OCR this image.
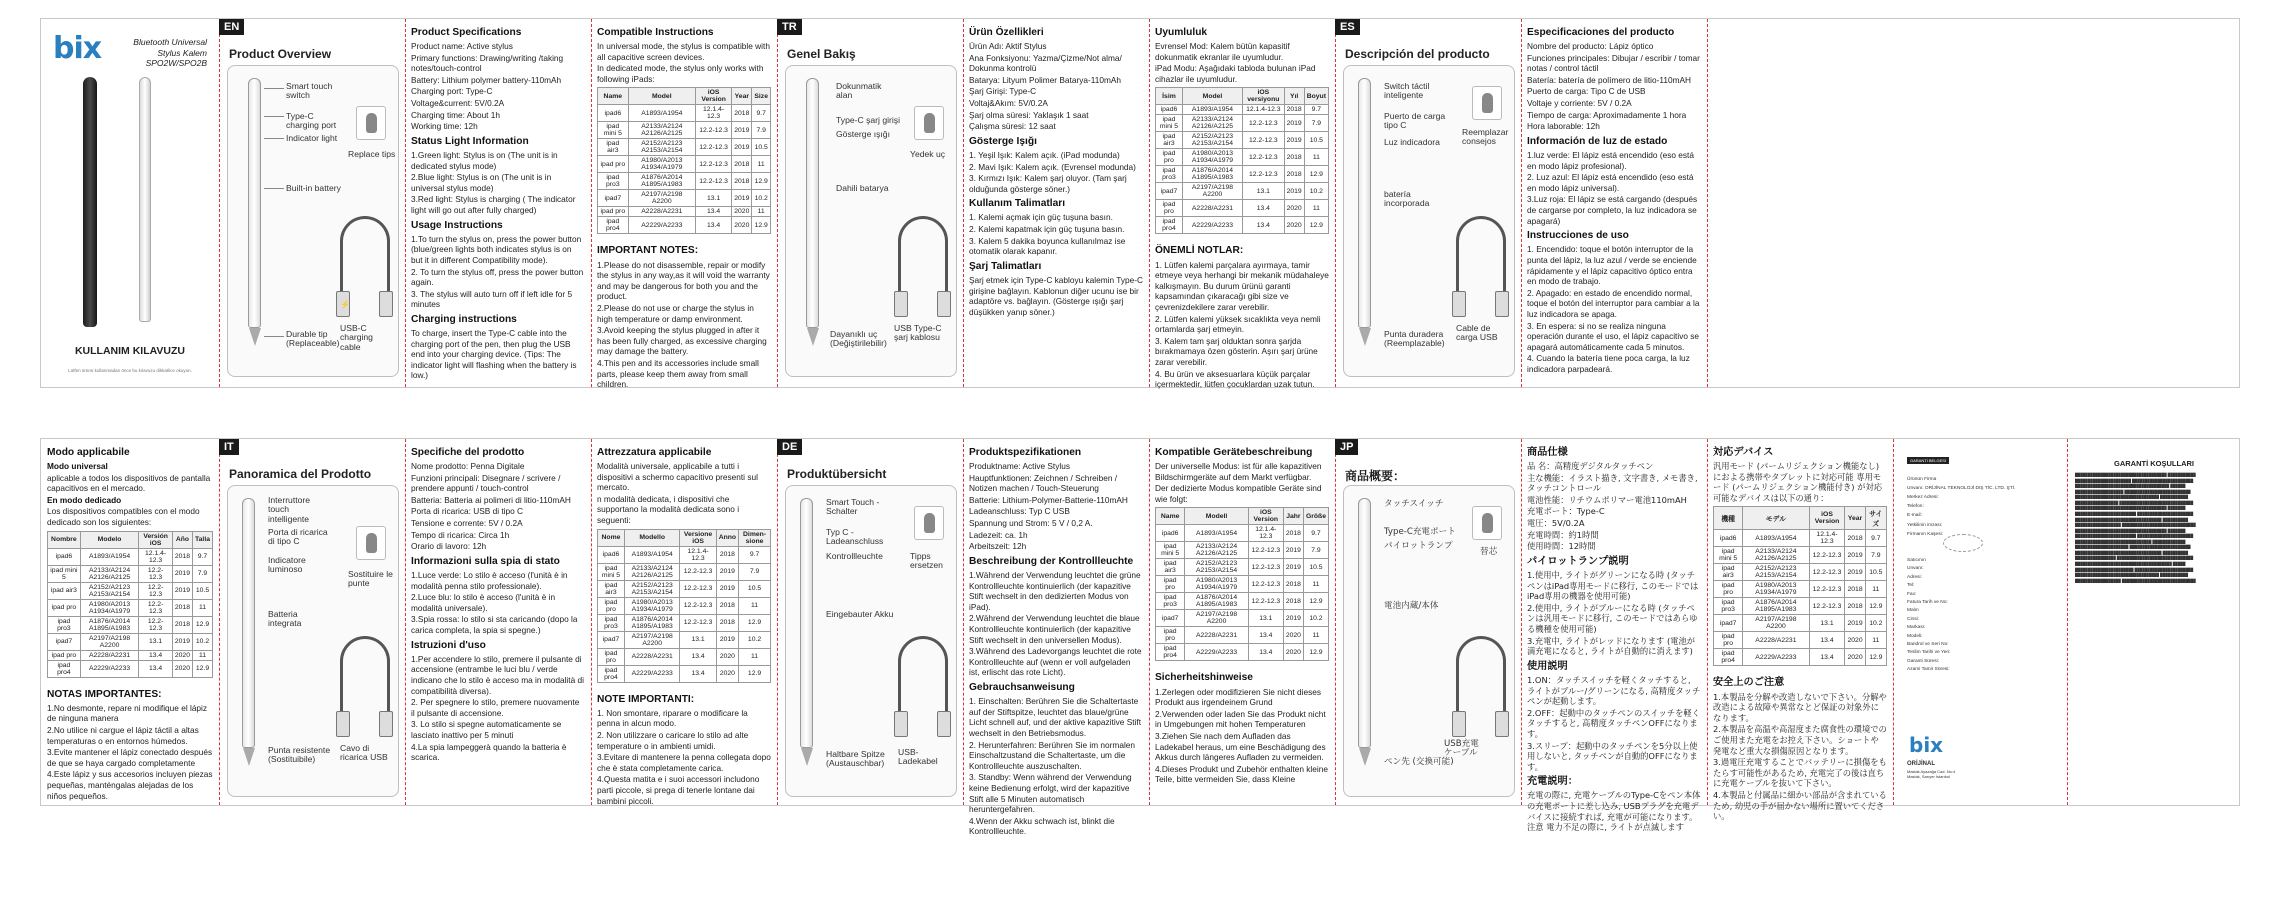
bix	Bluetooth Universal
Stylus Kalem
SPO2W/SPO2B
KULLANIM KILAVUZU
Lütfen ürünü kullanmadan önce bu kılavuzu dikkatlice okuyun.
EN
Product Overview
Smart touch switch
Type-C charging port
Indicator light
Built-in battery
Durable tip (Replaceable)
Replace tips
⚡
USB-C charging cable
Product Specifications

Product name: Active stylus

Primary functions: Drawing/writing /taking notes/touch-control

Battery: Lithium polymer battery-110mAh

Charging port: Type-C

Voltage&current: 5V/0.2A

Charging time: About 1h

Working time: 12h

Status Light Information

1.Green light: Stylus is on (The unit is in dedicated stylus mode)

2.Blue light: Stylus is on (The unit is in universal stylus mode)

3.Red light: Stylus is charging ( The indicator light will go out after fully charged)

Usage Instructions

1.To turn the stylus on, press the power button (blue/green lights both indicates stylus is on but it in different Compatibility mode).

2. To turn the stylus off, press the power button again.

3. The stylus will auto turn off if left idle for 5 minutes

Charging instructions

To charge, insert the Type-C cable into the charging port of the pen, then plug the USB end into your charging device. (Tips: The indicator light will flashing when the battery is low.)

Compatible Instructions

In universal mode, the stylus is compatible with all capacitive screen devices.

In dedicated mode, the stylus only works with following iPads:

Name	Model	iOS Version	Year	Size
ipad6	A1893/A1954	12.1.4-12.3	2018	9.7
ipad mini 5	A2133/A2124 A2126/A2125	12.2-12.3	2019	7.9
ipad air3	A2152/A2123 A2153/A2154	12.2-12.3	2019	10.5
ipad pro	A1980/A2013 A1934/A1979	12.2-12.3	2018	11
ipad pro3	A1876/A2014 A1895/A1983	12.2-12.3	2018	12.9
ipad7	A2197/A2198 A2200	13.1	2019	10.2
ipad pro	A2228/A2231	13.4	2020	11
ipad pro4	A2229/A2233	13.4	2020	12.9
IMPORTANT NOTES:

1.Please do not disassemble, repair or modify the stylus in any way,as it will void the warranty and may be dangerous for both you and the product.

2.Please do not use or charge the stylus in high temperature or damp environment.

3.Avoid keeping the stylus plugged in after it has been fully charged, as excessive charging may damage the battery.

4.This pen and its accessories include small parts, please keep them away from small children.

TR
Genel Bakış
Dokunmatik alan
Type-C şarj girişi
Gösterge ışığı
Dahili batarya
Dayanıklı uç (Değiştirilebilir)
Yedek uç
USB Type-C şarj kablosu
Ürün Özellikleri

Ürün Adı: Aktif Stylus

Ana Fonksiyonu: Yazma/Çizme/Not alma/ Dokunma kontrolü

Batarya: Lityum Polimer Batarya-110mAh

Şarj Girişi: Type-C

Voltaj&Akım: 5V/0.2A

Şarj olma süresi: Yaklaşık 1 saat

Çalışma süresi: 12 saat

Gösterge Işığı

1. Yeşil Işık: Kalem açık. (iPad modunda)

2. Mavi Işık: Kalem açık. (Evrensel modunda)

3. Kırmızı Işık: Kalem şarj oluyor. (Tam şarj olduğunda gösterge söner.)

Kullanım Talimatları

1. Kalemi açmak için güç tuşuna basın.

2. Kalemi kapatmak için güç tuşuna basın.

3. Kalem 5 dakika boyunca kullanılmaz ise otomatik olarak kapanır.

Şarj Talimatları

Şarj etmek için Type-C kabloyu kalemin Type-C girişine bağlayın. Kablonun diğer ucunu ise bir adaptöre vs. bağlayın. (Gösterge ışığı şarj düşükken yanıp söner.)

Uyumluluk

Evrensel Mod: Kalem bütün kapasitif dokunmatik ekranlar ile uyumludur.

iPad Modu: Aşağıdaki tabloda bulunan iPad cihazlar ile uyumludur.

İsim	Model	iOS versiyonu	Yıl	Boyut
ipad6	A1893/A1954	12.1.4-12.3	2018	9.7
ipad mini 5	A2133/A2124 A2126/A2125	12.2-12.3	2019	7.9
ipad air3	A2152/A2123 A2153/A2154	12.2-12.3	2019	10.5
ipad pro	A1980/A2013 A1934/A1979	12.2-12.3	2018	11
ipad pro3	A1876/A2014 A1895/A1983	12.2-12.3	2018	12.9
ipad7	A2197/A2198 A2200	13.1	2019	10.2
ipad pro	A2228/A2231	13.4	2020	11
ipad pro4	A2229/A2233	13.4	2020	12.9
ÖNEMLİ NOTLAR:

1. Lütfen kalemi parçalara ayırmaya, tamir etmeye veya herhangi bir mekanik müdahaleye kalkışmayın. Bu durum ürünü garanti kapsamından çıkaracağı gibi size ve çevrenizdekilere zarar verebilir.

2. Lütfen kalemi yüksek sıcaklıkta veya nemli ortamlarda şarj etmeyin.

3. Kalem tam şarj olduktan sonra şarjda bırakmamaya özen gösterin. Aşırı şarj ürüne zarar verebilir.

4. Bu ürün ve aksesuarlara küçük parçalar içermektedir, lütfen çocuklardan uzak tutun.

ES
Descripción del producto
Switch táctil inteligente
Puerto de carga tipo C
Luz indicadora
batería incorporada
Punta duradera (Reemplazable)
Reemplazar consejos
Cable de carga USB
Especificaciones del producto

Nombre del producto: Lápiz óptico

Funciones principales: Dibujar / escribir / tomar notas / control táctil

Batería: batería de polímero de litio-110mAH

Puerto de carga: Tipo C de USB

Voltaje y corriente: 5V / 0.2A

Tiempo de carga: Aproximadamente 1 hora

Hora laborable: 12h

Información de luz de estado

1.luz verde: El lápiz está encendido (eso está en modo lápiz profesional).

2. Luz azul: El lápiz está encendido (eso está en modo lápiz universal).

3.Luz roja: El lápiz se está cargando (después de cargarse por completo, la luz indicadora se apagará)

Instrucciones de uso

1. Encendido: toque el botón interruptor de la punta del lápiz, la luz azul / verde se enciende rápidamente y el lápiz capacitivo óptico entra en modo de trabajo.

2. Apagado: en estado de encendido normal, toque el botón del interruptor para cambiar a la luz indicadora se apaga.

3. En espera: si no se realiza ninguna operación durante el uso, el lápiz capacitivo se apagará automáticamente cada 5 minutos.

4. Cuando la batería tiene poca carga, la luz indicadora parpadeará.

Modo applicabile

Modo universal

aplicable a todos los dispositivos de pantalla capacitivos en el mercado.

En modo dedicado

Los dispositivos compatibles con el modo dedicado son los siguientes:

Nombre	Modelo	Versión iOS	Año	Talla
ipad6	A1893/A1954	12.1.4-12.3	2018	9.7
ipad mini 5	A2133/A2124 A2126/A2125	12.2-12.3	2019	7.9
ipad air3	A2152/A2123 A2153/A2154	12.2-12.3	2019	10.5
ipad pro	A1980/A2013 A1934/A1979	12.2-12.3	2018	11
ipad pro3	A1876/A2014 A1895/A1983	12.2-12.3	2018	12.9
ipad7	A2197/A2198 A2200	13.1	2019	10.2
ipad pro	A2228/A2231	13.4	2020	11
ipad pro4	A2229/A2233	13.4	2020	12.9
NOTAS IMPORTANTES:

1.No desmonte, repare ni modifique el lápiz de ninguna manera

2.No utilice ni cargue el lápiz táctil a altas temperaturas o en entornos húmedos.

3.Evite mantener el lápiz conectado después de que se haya cargado completamente

4.Este lápiz y sus accesorios incluyen piezas pequeñas, manténgalas alejadas de los niños pequeños.

IT
Panoramica del Prodotto
Interruttore touch intelligente
Porta di ricarica di tipo C
Indicatore luminoso
Batteria integrata
Punta resistente (Sostituibile)
Sostituire le punte
Cavo di ricarica USB
Specifiche del prodotto

Nome prodotto: Penna Digitale

Funzioni principali: Disegnare / scrivere / prendere appunti / touch-control

Batteria: Batteria ai polimeri di litio-110mAH

Porta di ricarica: USB di tipo C

Tensione e corrente: 5V / 0.2A

Tempo di ricarica: Circa 1h

Orario di lavoro: 12h

Informazioni sulla spia di stato

1.Luce verde: Lo stilo è acceso (l'unità è in modalità penna stilo professionale).

2.Luce blu: lo stilo è acceso (l'unità è in modalità universale).

3.Spia rossa: lo stilo si sta caricando (dopo la carica completa, la spia si spegne.)

Istruzioni d'uso

1.Per accendere lo stilo, premere il pulsante di accensione (entrambe le luci blu / verde indicano che lo stilo è acceso ma in modalità di compatibilità diversa).

2. Per spegnere lo stilo, premere nuovamente il pulsante di accensione.

3. Lo stilo si spegne automaticamente se lasciato inattivo per 5 minuti

4.La spia lampeggerà quando la batteria è scarica.

Attrezzatura applicabile

Modalità universale, applicabile a tutti i dispositivi a schermo capacitivo presenti sul mercato.

n modalità dedicata, i dispositivi che supportano la modalità dedicata sono i seguenti:

Nome	Modello	Versione iOS	Anno	Dimen-sione
ipad6	A1893/A1954	12.1.4-12.3	2018	9.7
ipad mini 5	A2133/A2124 A2126/A2125	12.2-12.3	2019	7.9
ipad air3	A2152/A2123 A2153/A2154	12.2-12.3	2019	10.5
ipad pro	A1980/A2013 A1934/A1979	12.2-12.3	2018	11
ipad pro3	A1876/A2014 A1895/A1983	12.2-12.3	2018	12.9
ipad7	A2197/A2198 A2200	13.1	2019	10.2
ipad pro	A2228/A2231	13.4	2020	11
ipad pro4	A2229/A2233	13.4	2020	12.9
NOTE IMPORTANTI:

1. Non smontare, riparare o modificare la penna in alcun modo.

2. Non utilizzare o caricare lo stilo ad alte temperature o in ambienti umidi.

3.Evitare di mantenere la penna collegata dopo che è stata completamente carica.

4.Questa matita e i suoi accessori includono parti piccole, si prega di tenerle lontane dai bambini piccoli.

DE
Produktübersicht
Smart Touch -Schalter
Typ C -Ladeanschluss
Kontrollleuchte
Eingebauter Akku
Haltbare Spitze (Austauschbar)
Tipps ersetzen
USB-Ladekabel
Produktspezifikationen

Produktname: Active Stylus

Hauptfunktionen: Zeichnen / Schreiben / Notizen machen / Touch-Steuerung

Batterie: Lithium-Polymer-Batterie-110mAH

Ladeanschluss: Typ C USB

Spannung und Strom: 5 V / 0,2 A.

Ladezeit: ca. 1h

Arbeitszeit: 12h

Beschreibung der Kontrollleuchte

1.Während der Verwendung leuchtet die grüne Kontrollleuchte kontinuierlich (der kapazitive Stift wechselt in den dedizierten Modus von iPad).

2.Während der Verwendung leuchtet die blaue Kontrollleuchte kontinuierlich (der kapazitive Stift wechselt in den universellen Modus).

3.Während des Ladevorgangs leuchtet die rote Kontrollleuchte auf (wenn er voll aufgeladen ist, erlischt das rote Licht).

Gebrauchsanweisung

1. Einschalten: Berühren Sie die Schaltertaste auf der Stiftspitze, leuchtet das blaue/grüne Licht schnell auf, und der aktive kapazitive Stift wechselt in den Betriebsmodus.

2. Herunterfahren: Berühren Sie im normalen Einschaltzustand die Schaltertaste, um die Kontrollleuchte auszuschalten.

3. Standby: Wenn während der Verwendung keine Bedienung erfolgt, wird der kapazitive Stift alle 5 Minuten automatisch heruntergefahren.

4.Wenn der Akku schwach ist, blinkt die Kontrollleuchte.

Kompatible Gerätebeschreibung

Der universelle Modus: ist für alle kapazitiven Bildschirmgeräte auf dem Markt verfügbar.

Der dedizierte Modus kompatible Geräte sind wie folgt:

Name	Modell	iOS Version	Jahr	Größe
ipad6	A1893/A1954	12.1.4-12.3	2018	9.7
ipad mini 5	A2133/A2124 A2126/A2125	12.2-12.3	2019	7.9
ipad air3	A2152/A2123 A2153/A2154	12.2-12.3	2019	10.5
ipad pro	A1980/A2013 A1934/A1979	12.2-12.3	2018	11
ipad pro3	A1876/A2014 A1895/A1983	12.2-12.3	2018	12.9
ipad7	A2197/A2198 A2200	13.1	2019	10.2
ipad pro	A2228/A2231	13.4	2020	11
ipad pro4	A2229/A2233	13.4	2020	12.9
Sicherheitshinweise

1.Zerlegen oder modifizieren Sie nicht dieses Produkt aus irgendeinem Grund

2.Verwenden oder laden Sie das Produkt nicht in Umgebungen mit hohen Temperaturen

3.Ziehen Sie nach dem Aufladen das Ladekabel heraus, um eine Beschädigung des Akkus durch längeres Aufladen zu vermeiden.

4.Dieses Produkt und Zubehör enthalten kleine Teile, bitte vermeiden Sie, dass Kleine

JP
商品概要：
タッチスイッチ
Type-C充電ポート
パイロットランプ
電池内蔵/本体
ペン先 (交換可能)
替芯
USB充電ケーブル
商品仕様

品 名：高精度デジタルタッチペン

主な機能：イラスト描き, 文字書き, メモ書き, タッチコントロール

電池性能：リチウムポリマー電池110mAH

充電ポート：Type-C

電圧：5V/0.2A

充電時間：約1時間

使用時間：12時間

パイロットランプ説明

1.使用中, ライトがグリーンになる時 (タッチペンはiPad専用モードに移行, このモードではiPad専用の機器を使用可能)

2.使用中, ライトがブルーになる時 (タッチペンは汎用モードに移行, このモードではあらゆる機種を使用可能)

3.充電中, ライトがレッドになります (電池が満充電になると, ライトが自動的に消えます)

使用説明

1.ON：タッチスイッチを軽くタッチすると, ライトがブルー/グリーンになる, 高精度タッチペンが起動します。

2.OFF：起動中のタッチペンのスイッチを軽くタッチすると, 高精度タッチペンOFFになります。

3.スリープ：起動中のタッチペンを5分以上使用しないと, タッチペンが自動的OFFになります。

充電説明：

充電の際に, 充電ケーブルのType-Cをペン本体の充電ポートに差し込み, USBプラグを充電デバイスに接続すれば, 充電が可能になります。注意 電力不足の際に, ライトが点滅します

対応デバイス

汎用モード (パームリジェクション機能なし) におよる携帯やタブレットに対応可能 専用モード (パームリジェクション機能付き) が対応可能なデバイスは以下の通り：

機種	モデル	iOS Version	Year	サイズ
ipad6	A1893/A1954	12.1.4-12.3	2018	9.7
ipad mini 5	A2133/A2124 A2126/A2125	12.2-12.3	2019	7.9
ipad air3	A2152/A2123 A2153/A2154	12.2-12.3	2019	10.5
ipad pro	A1980/A2013 A1934/A1979	12.2-12.3	2018	11
ipad pro3	A1876/A2014 A1895/A1983	12.2-12.3	2018	12.9
ipad7	A2197/A2198 A2200	13.1	2019	10.2
ipad pro	A2228/A2231	13.4	2020	11
ipad pro4	A2229/A2233	13.4	2020	12.9
安全上のご注意

1.本製品を分解や改造しないで下さい。分解や改造による故障や異常なとど保証の対象外になります。

2.本製品を高温や高湿度また腐食性の環境でのご使用また充電をお控え下さい。ショートや発電など重大な損傷原因となります。

3.過電圧充電することでバッテリーに損傷をもたらす可能性があるため, 充電完了の後は直ちに充電ケーブルを抜いて下さい。

4.本製品と付属品に細かい部品が含まれているため, 幼児の手が届かない場所に置いてください。

GARANTİ BELGESİ
Ürünün Firma
Unvanı: ORİJİNAL TEKNOLOJİ DIŞ TİC. LTD. ŞTİ.
Merkez Adresi:
Telefon:
E-mail:
Yetkilinin imzası:
Firmanın Kaşesi:
Satıcının
Unvanı:
Adresi:
Tel:
Fax:
Fatura Tarih ve No:
Malın
Cinsi:
Markası:
Modeli:
Bandrol ve Seri No:
Teslim Tarihi ve Yeri:
Garanti Süresi:
Azami Tamir Süresi:
bix
ORİJİNAL
Maslak Ayazağa Cad. No:4 Maslak, Sarıyer İstanbul
GARANTİ KOŞULLARI
████████████████████████████████████ ███████████
██████████████████████ ████████████████████████
█████████████████████████████████████ ██████
███████████████████ ██████████████████████████
█████████████████████████████████ ███████████
█████████████████ █████████████████████████████
████████████████████████████████████ ███████
████████████████████████ ██████████████████████
██████████████████████████████████ ██████████
██████████████████ █████████████████████████████
████████████████████████████████████ ███████
████████████████████████ ██████████████████████
██████████████████████████████ █████████████
█████████████████████ ████████████████████████
██████████████████████████████████ ██████████
████████████████ ██████████████████████████████
██████████████████████████████████████ █████
███████████████████████ ███████████████████████
█████████████████████████████████ ███████████
██████████████████ █████████████████████████████
